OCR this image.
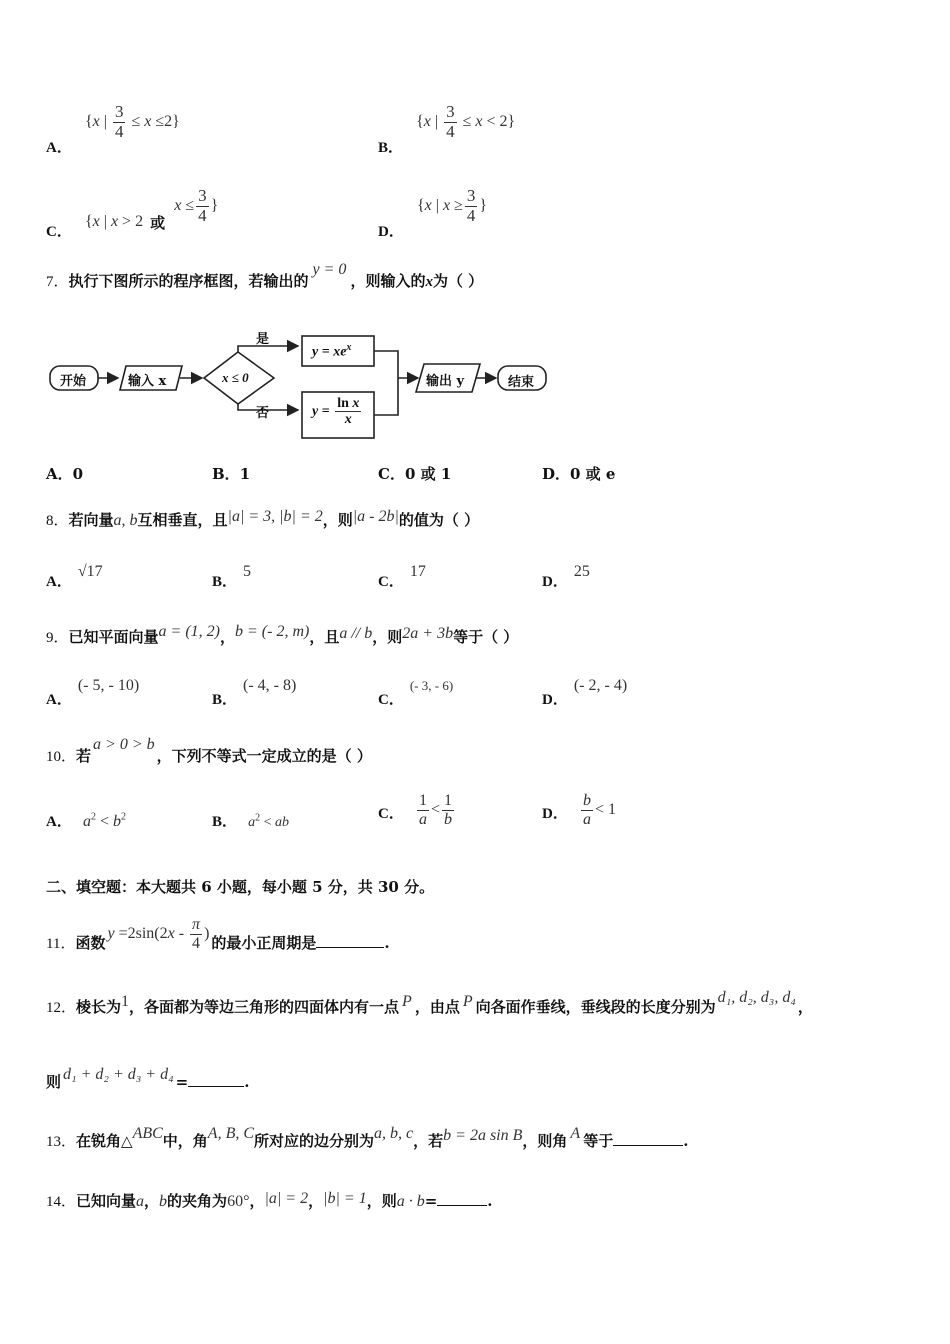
A． {x | $\frac{3}{4} \le x \le 2$}
B． {x | $\frac{3}{4} \le x < 2$}
C． {x | x > 2 或 $x \le \frac{3}{4}$ }
D． {x | $x \ge \frac{3}{4}$ }
7．执行下图所示的程序框图，若输出的y = 0，则输入的x为（ ）
开始	输入 x	x ≤ 0
是
否
$y = xe^x$
$y = \frac{\text{ln x}}{x}$
输出 y	结束
A．0	B．1	C．0 或 1	D．0 或 e
8．若向量a, b互相垂直，且|a| = 3, |b| = 2，则|a - 2b|的值为（ ）
A．√17
B．5
C．17
D．25
9．已知平面向量a = (1, 2)，b = (- 2, m)，且a // b，则2a + 3b等于（ ）
A．(- 5, - 10)
B．(- 4, - 8)
C．(- 3, - 6)
D．(- 2, - 4)
10．若a > 0 > b，下列不等式一定成立的是（ ）
A． $a^2 < b^2$	B． $a^2$ < ab
C． $\frac{1}{a} < \frac{1}{b}$	D． $\frac{b}{a} < 1$
二、填空题：本大题共 6 小题，每小题 5 分，共 30 分。
11．函数$y =2\sin(2x - \frac{\pi}{4}$ )的最小正周期是	.
12．棱长为1，各面都为等边三角形的四面体内有一点 P ，由点 P 向各面作垂线，垂线段的长度分别为d₁, d₂, d₃, d₄，
则 d₁ + d₂ + d₃ + d₄ =	.
13．在锐角△ABC中，角A, B, C所对应的边分别为a, b, c，若b = 2a sin B，则角 A 等于	.
14．已知向量a，b的夹角为60°，|a| = 2，|b| = 1，则a · b=	.
